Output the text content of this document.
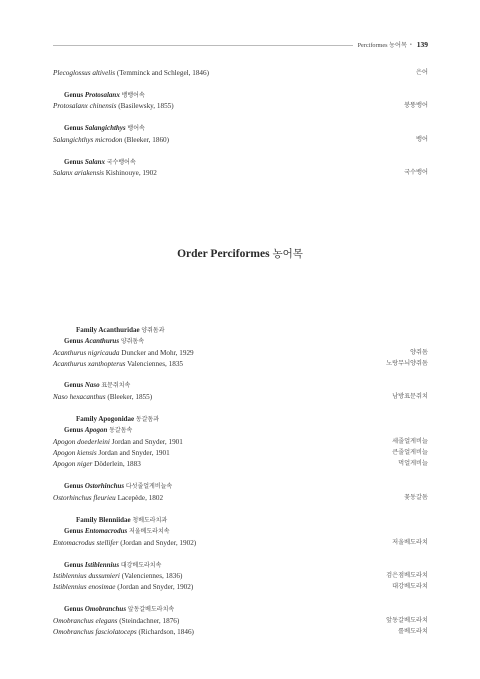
Perciformes 농어목 • 139
Plecoglossus altivelis (Temminck and Schlegel, 1846)	은어
Genus Protosalanx 뱅뱅어속
Protosalanx chinensis (Basilewsky, 1855)	붕뚱뱅어
Genus Salangichthys 뱅어속
Salangichthys microdon (Bleeker, 1860)	뱅어
Genus Salanx 국수뱅어속
Salanx ariakensis Kishinouye, 1902	국수뱅어
Order Perciformes 농어목
Family Acanthuridae 양쥐돔과
Genus Acanthurus 양쥐돔속
Acanthurus nigricauda Duncker and Mohr, 1929	양쥐돔
Acanthurus xanthopterus Valenciennes, 1835	노랑무늬양쥐돔
Genus Naso 표문쥐치속
Naso hexacanthus (Bleeker, 1855)	남방표문쥐치
Family Apogonidae 동갈돔과
Genus Apogon 동갈돔속
Apogon doederleini Jordan and Snyder, 1901	세줄얼게비늘
Apogon kiensis Jordan and Snyder, 1901	큰줄얼게비늘
Apogon niger Döderlein, 1883	먹얼게비늘
Genus Ostorhinchus 다섯줄얼게비늘속
Ostorhinchus fleurieu Lacepède, 1802	꽃동갈돔
Family Blenniidae 청베도라치과
Genus Entomacrodus 저울베도라치속
Entomacrodus stellifer (Jordan and Snyder, 1902)	저울베도라치
Genus Istiblennius 대강베도라치속
Istiblennius dussumieri (Valenciennes, 1836)	검은점베도라치
Istiblennius enosimae (Jordan and Snyder, 1902)	대강베도라치
Genus Omobranchus 앞동갈베도라치속
Omobranchus elegans (Steindachner, 1876)	앞동갈베도라치
Omobranchus fasciolatoceps (Richardson, 1846)	롤베도라치
